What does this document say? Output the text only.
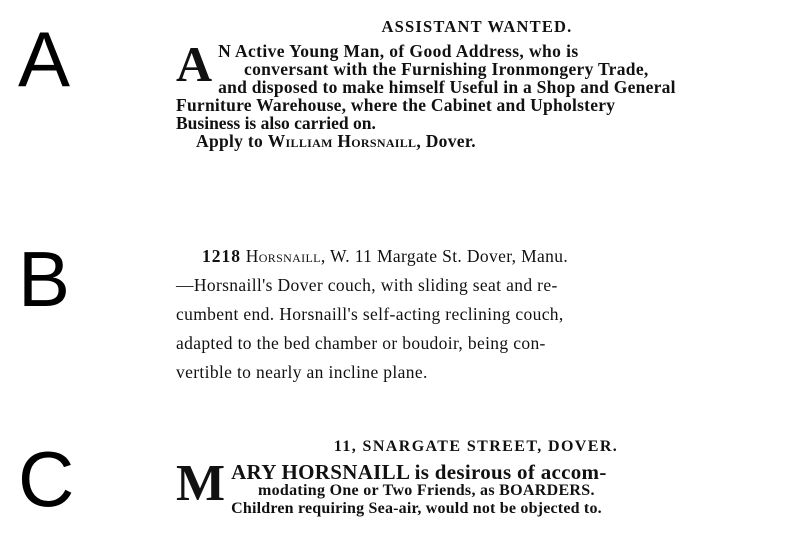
A
B
C
ASSISTANT WANTED.
A N Active Young Man, of Good Address, who is
conversant with the Furnishing Ironmongery Trade,
and disposed to make himself Useful in a Shop and General
Furniture Warehouse, where the Cabinet and Upholstery
Business is also carried on.
Apply to William Horsnaill, Dover.
1218 Horsnaill, W. 11 Margate St. Dover, Manu.
—Horsnaill's Dover couch, with sliding seat and re-
cumbent end. Horsnaill's self-acting reclining couch,
adapted to the bed chamber or boudoir, being con-
vertible to nearly an incline plane.
11, SNARGATE STREET, DOVER.
M ARY HORSNAILL is desirous of accom-
modating One or Two Friends, as BOARDERS.
Children requiring Sea-air, would not be objected to.
